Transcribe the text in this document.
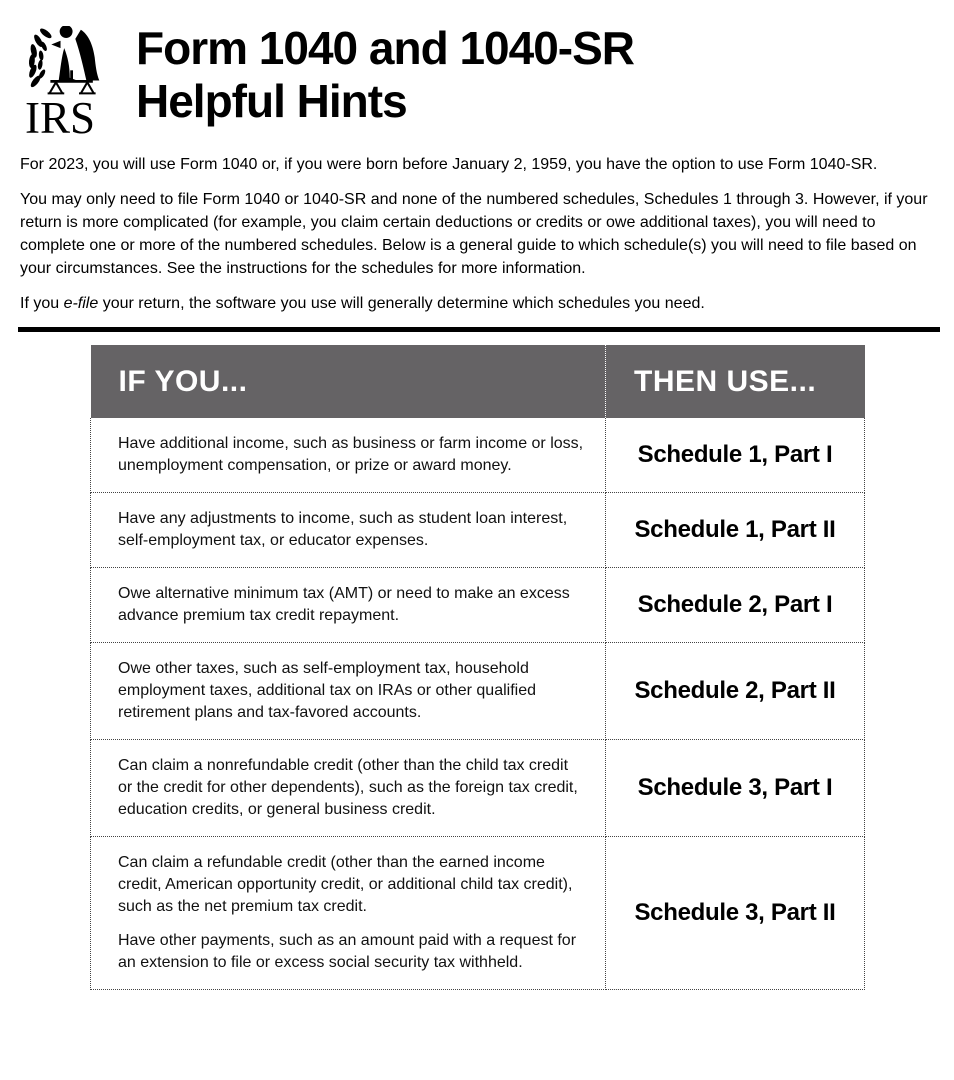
IRS
Form 1040 and 1040-SR
Helpful Hints

For 2023, you will use Form 1040 or, if you were born before January 2, 1959, you have the option to use Form 1040-SR.

You may only need to file Form 1040 or 1040-SR and none of the numbered schedules, Schedules 1 through 3. However, if your return is more complicated (for example, you claim certain deductions or credits or owe additional taxes), you will need to complete one or more of the numbered schedules. Below is a general guide to which schedule(s) you will need to file based on your circumstances. See the instructions for the schedules for more information.

If you e-file your return, the software you use will generally determine which schedules you need.

IF YOU...	THEN USE...

Have additional income, such as business or farm income or loss, unemployment compensation, or prize or award money.	Schedule 1, Part I

Have any adjustments to income, such as student loan interest, self-employment tax, or educator expenses.	Schedule 1, Part II

Owe alternative minimum tax (AMT) or need to make an excess advance premium tax credit repayment.	Schedule 2, Part I

Owe other taxes, such as self-employment tax, household employment taxes, additional tax on IRAs or other qualified retirement plans and tax-favored accounts.	Schedule 2, Part II

Can claim a nonrefundable credit (other than the child tax credit or the credit for other dependents), such as the foreign tax credit, education credits, or general business credit.	Schedule 3, Part I

Can claim a refundable credit (other than the earned income credit, American opportunity credit, or additional child tax credit), such as the net premium tax credit.

Have other payments, such as an amount paid with a request for an extension to file or excess social security tax withheld.	Schedule 3, Part II
